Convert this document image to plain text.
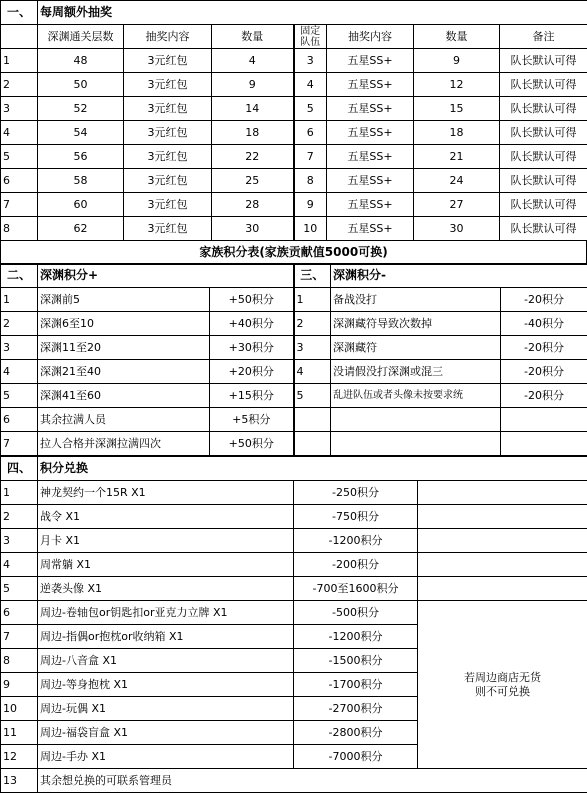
一、	每周额外抽奖						
	深渊通关层数	抽奖内容	数量	固定队伍	抽奖内容	数量	备注
1	48	3元红包	4	3	五星SS+	9	队长默认可得
2	50	3元红包	9	4	五星SS+	12	队长默认可得
3	52	3元红包	14	5	五星SS+	15	队长默认可得
4	54	3元红包	18	6	五星SS+	18	队长默认可得
5	56	3元红包	22	7	五星SS+	21	队长默认可得
6	58	3元红包	25	8	五星SS+	24	队长默认可得
7	60	3元红包	28	9	五星SS+	27	队长默认可得
8	62	3元红包	30	10	五星SS+	30	队长默认可得
家族积分表(家族贡献值5000可换)
二、	深渊积分+		三、	深渊积分-	
1	深渊前5	+50积分	1	备战没打	-20积分
2	深渊6至10	+40积分	2	深渊藏符导致次数掉	-40积分
3	深渊11至20	+30积分	3	深渊藏符	-20积分
4	深渊21至40	+20积分	4	没请假没打深渊或混三	-20积分
5	深渊41至60	+15积分	5	乱进队伍或者头像未按要求统	-20积分
6	其余拉满人员	+5积分			
7	拉人合格并深渊拉满四次	+50积分			
四、	积分兑换		
1	神龙契约一个15R X1	-250积分	
2	战令 X1	-750积分	
3	月卡 X1	-1200积分	
4	周常躺 X1	-200积分	
5	逆袭头像 X1	-700至1600积分	
6	周边-卷轴包or钥匙扣or亚克力立牌 X1	-500积分	若周边商店无货
则不可兑换

7	周边-指偶or抱枕or收纳箱 X1	-1200积分	
8	周边-八音盒 X1	-1500积分	
9	周边-等身抱枕 X1	-1700积分	
10	周边-玩偶 X1	-2700积分	
11	周边-福袋盲盒 X1	-2800积分	
12	周边-手办 X1	-7000积分	
13	其余想兑换的可联系管理员		
